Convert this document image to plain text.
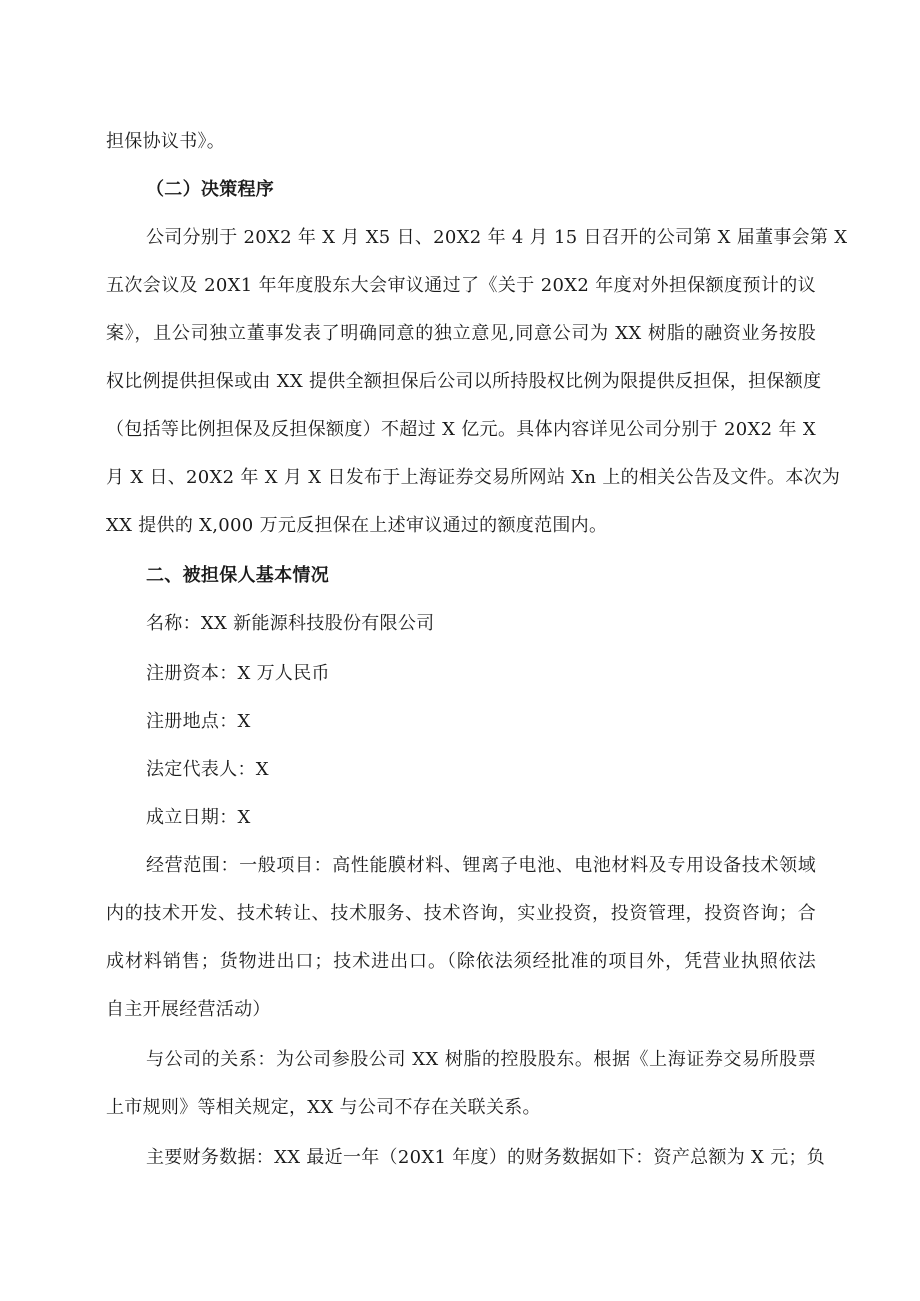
担保协议书》。
（二）决策程序
公司分别于 20X2 年 X 月 X5 日、20X2 年 4 月 15 日召开的公司第 X 届董事会第 X
五次会议及 20X1 年年度股东大会审议通过了《关于 20X2 年度对外担保额度预计的议
案》，且公司独立董事发表了明确同意的独立意见,同意公司为 XX 树脂的融资业务按股
权比例提供担保或由 XX 提供全额担保后公司以所持股权比例为限提供反担保，担保额度
（包括等比例担保及反担保额度）不超过 X 亿元。具体内容详见公司分别于 20X2 年 X
月 X 日、20X2 年 X 月 X 日发布于上海证券交易所网站 Xn 上的相关公告及文件。本次为
XX 提供的 X,000 万元反担保在上述审议通过的额度范围内。
二、被担保人基本情况
名称：XX 新能源科技股份有限公司
注册资本：X 万人民币
注册地点：X
法定代表人：X
成立日期：X
经营范围：一般项目：高性能膜材料、锂离子电池、电池材料及专用设备技术领域
内的技术开发、技术转让、技术服务、技术咨询，实业投资，投资管理，投资咨询；合
成材料销售；货物进出口；技术进出口。（除依法须经批准的项目外，凭营业执照依法
自主开展经营活动）
与公司的关系：为公司参股公司 XX 树脂的控股股东。根据《上海证券交易所股票
上市规则》等相关规定，XX 与公司不存在关联关系。
主要财务数据：XX 最近一年（20X1 年度）的财务数据如下：资产总额为 X 元；负
